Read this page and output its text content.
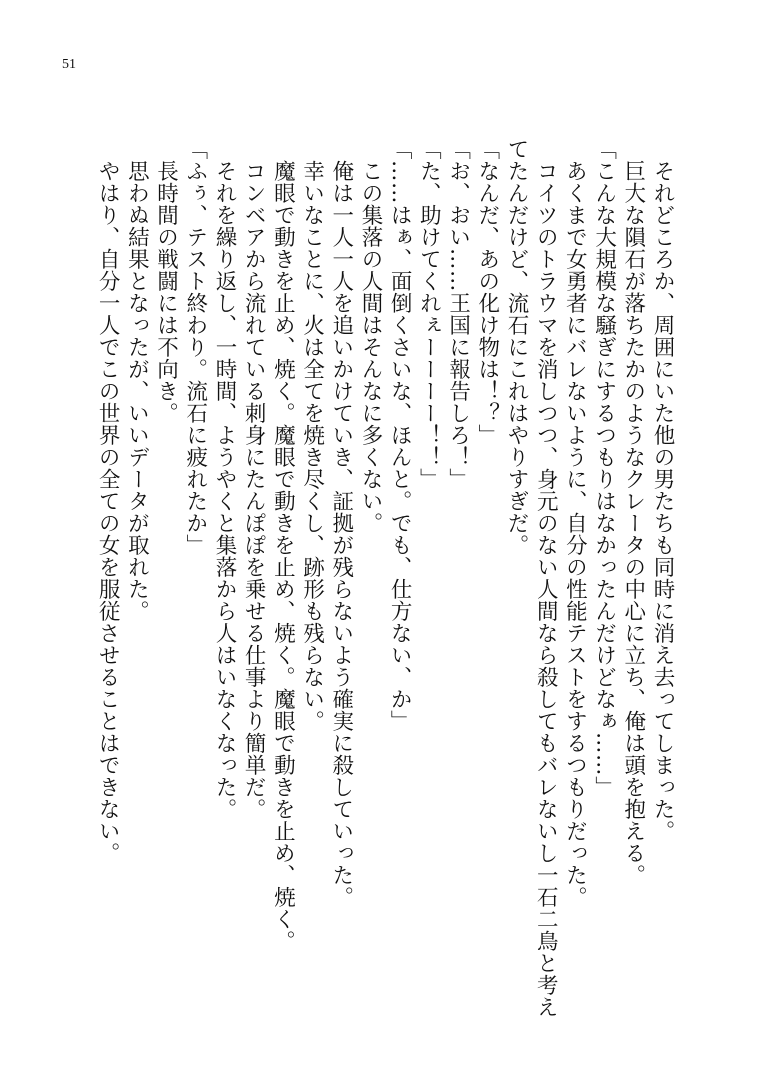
51
　それどころか、周囲にいた他の男たちも同時に消え去ってしまった。
　巨大な隕石が落ちたかのようなクレータの中心に立ち、俺は頭を抱える。
「こんな大規模な騒ぎにするつもりはなかったんだけどなぁ……」
　あくまで女勇者にバレないように、自分の性能テストをするつもりだった。
　コイツのトラウマを消しつつ、身元のない人間なら殺してもバレないし一石二鳥と考え
てたんだけど、流石にこれはやりすぎだ。
「なんだ、あの化け物は！？」
「お、おい……王国に報告しろ！」
「た、助けてくれぇーーーー！！」
「……はぁ、面倒くさいな、ほんと。でも、仕方ない、か」
　この集落の人間はそんなに多くない。
　俺は一人一人を追いかけていき、証拠が残らないよう確実に殺していった。
　幸いなことに、火は全てを焼き尽くし、跡形も残らない。
　魔眼で動きを止め、焼く。魔眼で動きを止め、焼く。魔眼で動きを止め、焼く。
　コンベアから流れている刺身にたんぽぽを乗せる仕事より簡単だ。
　それを繰り返し、一時間、ようやくと集落から人はいなくなった。
「ふぅ、テスト終わり。流石に疲れたか」
　長時間の戦闘には不向き。
　思わぬ結果となったが、いいデータが取れた。
　やはり、自分一人でこの世界の全ての女を服従させることはできない。
